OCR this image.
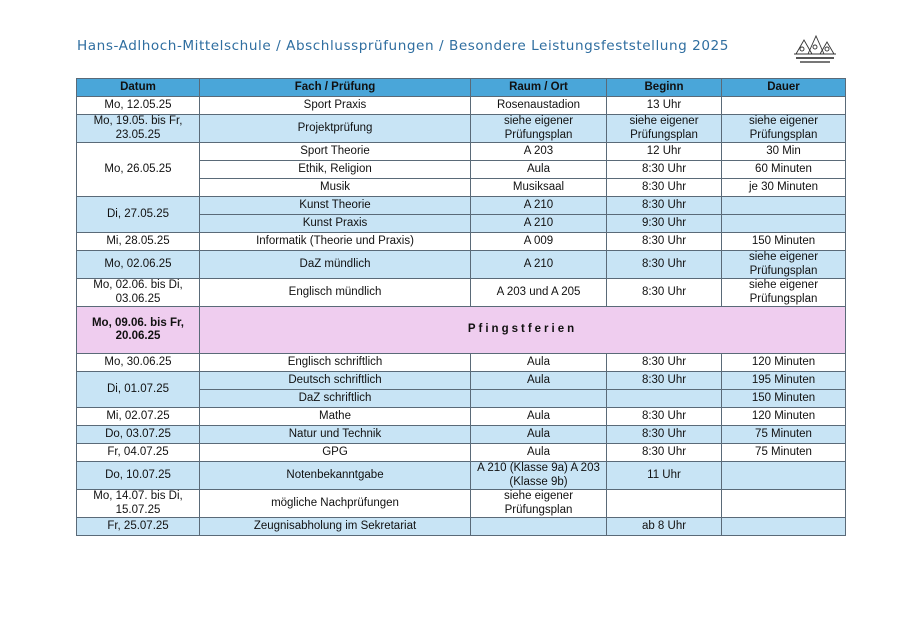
Hans-Adlhoch-Mittelschule / Abschlussprüfungen / Besondere Leistungsfeststellung 2025
Datum	Fach / Prüfung	Raum / Ort	Beginn	Dauer
Mo, 12.05.25	Sport Praxis	Rosenaustadion	13 Uhr	
Mo, 19.05. bis Fr, 23.05.25	Projektprüfung	siehe eigener Prüfungsplan	siehe eigener Prüfungsplan	siehe eigener Prüfungsplan
Mo, 26.05.25	Sport Theorie	A 203	12 Uhr	30 Min
	Ethik, Religion	Aula	8:30 Uhr	60 Minuten
	Musik	Musiksaal	8:30 Uhr	je 30 Minuten
Di, 27.05.25	Kunst Theorie	A 210	8:30 Uhr	
	Kunst Praxis	A 210	9:30 Uhr	
Mi, 28.05.25	Informatik (Theorie und Praxis)	A 009	8:30 Uhr	150 Minuten
Mo, 02.06.25	DaZ mündlich	A 210	8:30 Uhr	siehe eigener Prüfungsplan
Mo, 02.06. bis Di, 03.06.25	Englisch mündlich	A 203 und A 205	8:30 Uhr	siehe eigener Prüfungsplan
Mo, 09.06. bis Fr, 20.06.25	Pfingstferien			
Mo, 30.06.25	Englisch schriftlich	Aula	8:30 Uhr	120 Minuten
Di, 01.07.25	Deutsch schriftlich	Aula	8:30 Uhr	195 Minuten
	DaZ schriftlich			150 Minuten
Mi, 02.07.25	Mathe	Aula	8:30 Uhr	120 Minuten
Do, 03.07.25	Natur und Technik	Aula	8:30 Uhr	75 Minuten
Fr, 04.07.25	GPG	Aula	8:30 Uhr	75 Minuten
Do, 10.07.25	Notenbekanntgabe	A 210 (Klasse 9a) A 203 (Klasse 9b)	11 Uhr	
Mo, 14.07. bis Di, 15.07.25	mögliche Nachprüfungen	siehe eigener Prüfungsplan		
Fr, 25.07.25	Zeugnisabholung im Sekretariat		ab 8 Uhr	
